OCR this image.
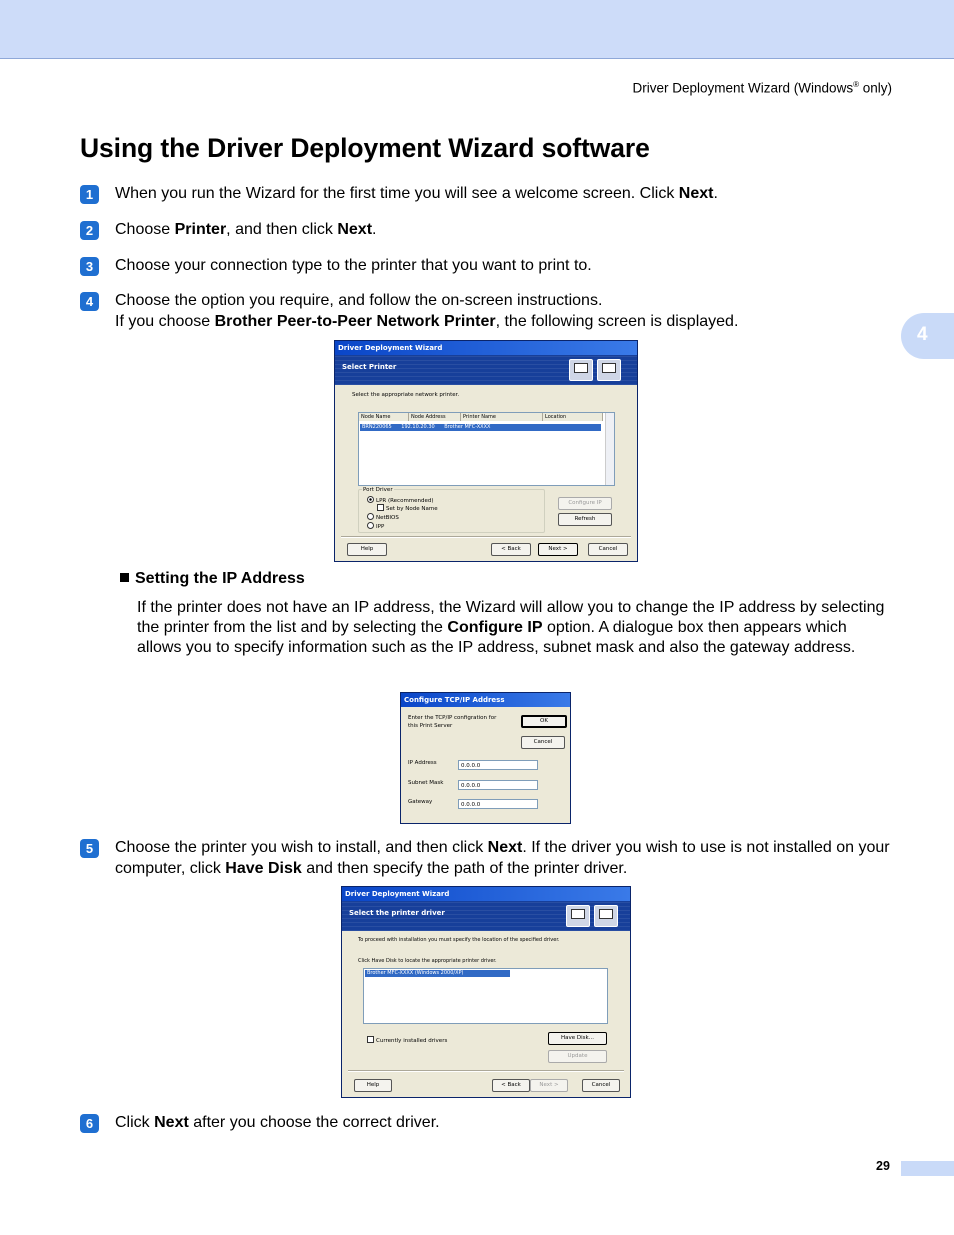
Driver Deployment Wizard (Windows® only)
4
Using the Driver Deployment Wizard software
1	When you run the Wizard for the first time you will see a welcome screen. Click Next.
2	Choose Printer, and then click Next.
3	Choose your connection type to the printer that you want to print to.
4	Choose the option you require, and follow the on-screen instructions.
If you choose Brother Peer-to-Peer Network Printer, the following screen is displayed.
Driver Deployment Wizard
Select Printer
Select the appropriate network printer.
Node Name	Node Address	Printer Name	Location
BRN220065 192.10.20.30 Brother MFC-XXXX
Port Driver
LPR (Recommended)
Set by Node Name
NetBIOS
IPP
Configure IP
Refresh
Help	< Back	Next >	Cancel
Setting the IP Address
If the printer does not have an IP address, the Wizard will allow you to change the IP address by selecting the printer from the list and by selecting the Configure IP option. A dialogue box then appears which allows you to specify information such as the IP address, subnet mask and also the gateway address.
Configure TCP/IP Address
Enter the TCP/IP configration for
this Print Server
OK
Cancel
IP Address	0.0.0.0
Subnet Mask	0.0.0.0
Gateway	0.0.0.0
5	Choose the printer you wish to install, and then click Next. If the driver you wish to use is not installed on your computer, click Have Disk and then specify the path of the printer driver.
Driver Deployment Wizard
Select the printer driver
To proceed with installation you must specify the location of the specified driver.
Click Have Disk to locate the appropriate printer driver.
Brother MFC-XXXX (Windows 2000/XP)
Currently installed drivers	Have Disk...
Update
Help	< Back	Next >	Cancel
6	Click Next after you choose the correct driver.
29
